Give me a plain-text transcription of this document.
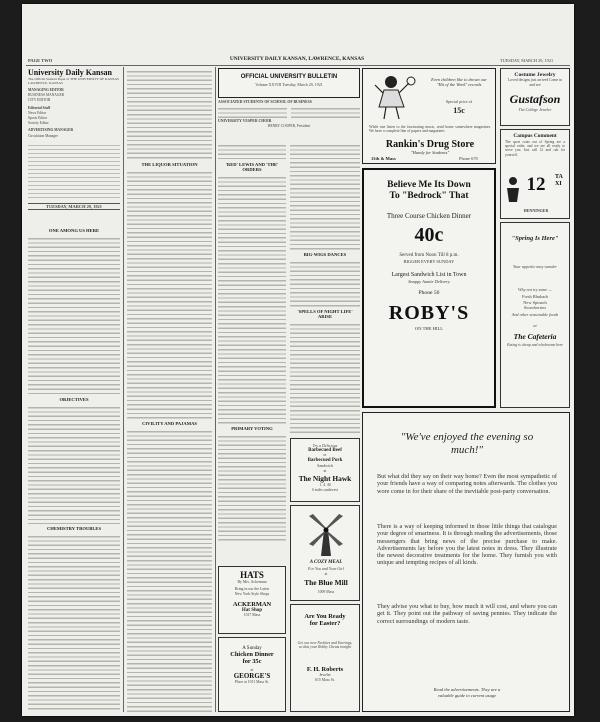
PAGE TWO	UNIVERSITY DAILY KANSAN, LAWRENCE, KANSAS	TUESDAY, MARCH 29, 1921
University Daily Kansan
The Official Student Paper of THE UNIVERSITY OF KANSAS LAWRENCE, KANSAS
MANAGING EDITOR
BUSINESS MANAGER
CITY EDITOR
Editorial Staff
News Editor
Sports Editor
Society Editor
ADVERTISING MANAGER
Circulation Manager
TUESDAY, MARCH 29, 1921
ONE AMONG US HERE
OBJECTIVES
CHEMISTRY TROUBLES
THE LIQUOR SITUATION
CIVILITY AND PAJAMAS
OFFICIAL UNIVERSITY BULLETIN
Volume XXVIII Tuesday, March 29, 1921
ASSOCIATED STUDENTS OF SCHOOL OF BUSINESS
UNIVERSITY VESPER CHOIR
HENRY COOPER, President
'RED' LEWIS AND 'THE' ORDERS
PRIMARY VOTING
BIG-WIGS DANCES
'SPELLS OF NIGHT LIFE' ARISE
Even children like to drown our "Hit of the Week" records
Special price of
15c
While one listen to the fascinating music, send home somewhere magazines. We have a complete line of papers and magazines
Rankin's Drug Store
"Handy for Students"
11th & Mass	Phone 678
Costume Jewelry
Loved designs just arrived Come in and see
Gustafson
The College Jeweler
Campus Comment
The sport coats out of Spring are a special order, and we are all ready to serve you. Just call 12 and cab for yourself.
12	TAXI
HENNINGER
Believe Me Its Down
To "Bedrock" That
Three Course Chicken Dinner
40c
Served from Noon Till 8 p.m.
BIGGER EVERY SUNDAY
Largest Sandwich List in Town
Snappy Auntie Delivery
Phone 50
ROBY'S
ON THE HILL
"Spring Is Here"
Your appetite may wander
Why not try some —
Fresh Rhubarb
New Spinach
Strawberries
And other seasonable foods
at
The Cafeteria
Eating is cheap and wholesome here
HATS
By Mrs. Ackerman
Bring in our the Latest
New York Style Shops
ACKERMAN
Hat Shop
1017 Mass
A Sunday
Chicken Dinner
for 35c
at
GEORGE'S
Place at 1011 Mass St.
Try a Delicious
Barbecued Beef
or
Barbecued Pork
Sandwich
at
The Night Hawk
1. 4. 40
6 miles southwest
A COZY MEAL
For You and Your Girl
at
The Blue Mill
1009 Mass
Are You Ready
for Easter?
Get our new Neckties and Earrings, so that your Robby Cheats tonight
F. H. Roberts
Jeweler
615 Mass St.
"We've enjoyed the evening so much!"

But what did they say on their way home? Even the most sympathetic of your friends have a way of comparing notes afterwards. The clothes you wore come in for their share of the inevitable post-party conversation.

There is a way of keeping informed in those little things that catalogue your degree of smartness. It is through reading the advertisements, those messengers that bring news of the precise purchase to make. Advertisements lay before you the latest notes in dress. They illustrate the newest decorative treatments for the home. They furnish you with unique and tempting recipes of all kinds.

They advise you what to buy, how much it will cost, and where you can get it. They point out the pathway of saving pennies. They indicate the correct surroundings of modern taste.

Read the advertisements. They are a
valuable guide to current usage
